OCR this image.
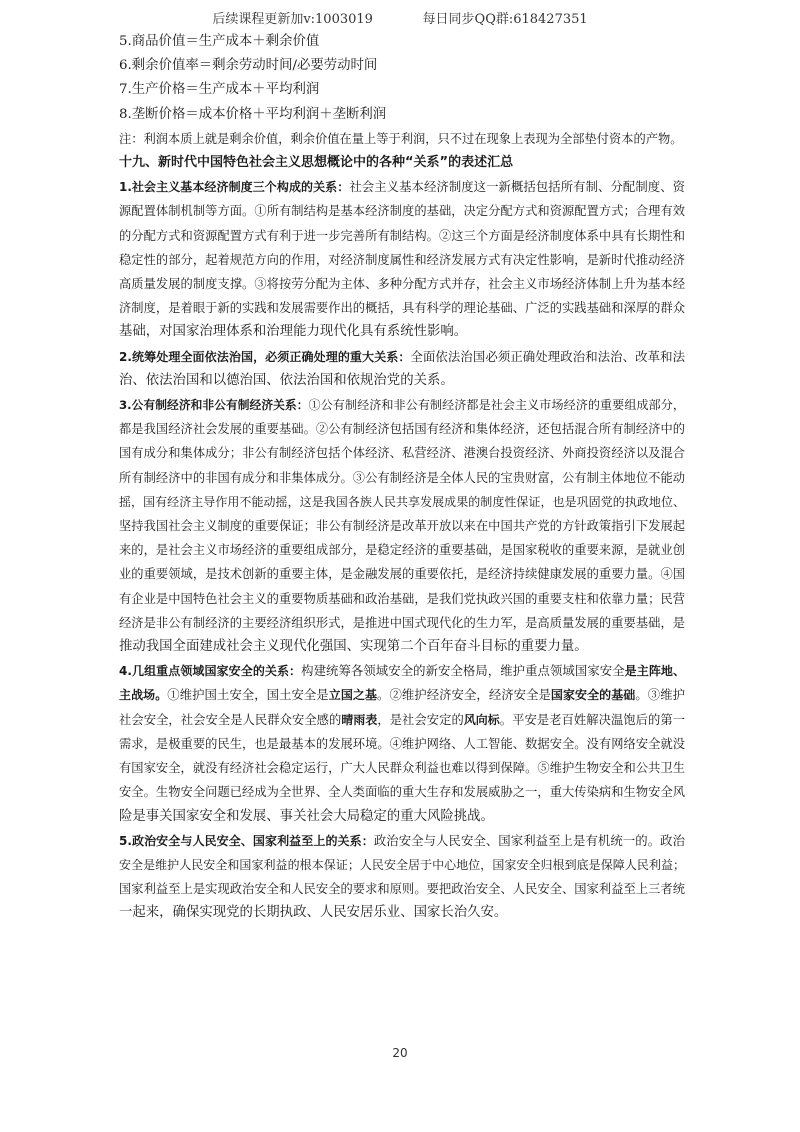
后续课程更新加v:1003019	每日同步QQ群:618427351
5.商品价值＝生产成本＋剩余价值
6.剩余价值率＝剩余劳动时间/必要劳动时间
7.生产价格＝生产成本＋平均利润
8.垄断价格＝成本价格＋平均利润＋垄断利润
注：利润本质上就是剩余价值，剩余价值在量上等于利润，只不过在现象上表现为全部垫付资本的产物。
十九、新时代中国特色社会主义思想概论中的各种“关系”的表述汇总
1.社会主义基本经济制度三个构成的关系：社会主义基本经济制度这一新概括包括所有制、分配制度、资
源配置体制机制等方面。①所有制结构是基本经济制度的基础，决定分配方式和资源配置方式；合理有效
的分配方式和资源配置方式有利于进一步完善所有制结构。②这三个方面是经济制度体系中具有长期性和
稳定性的部分，起着规范方向的作用，对经济制度属性和经济发展方式有决定性影响，是新时代推动经济
高质量发展的制度支撑。③将按劳分配为主体、多种分配方式并存，社会主义市场经济体制上升为基本经
济制度，是着眼于新的实践和发展需要作出的概括，具有科学的理论基础、广泛的实践基础和深厚的群众
基础，对国家治理体系和治理能力现代化具有系统性影响。
2.统筹处理全面依法治国，必须正确处理的重大关系：全面依法治国必须正确处理政治和法治、改革和法
治、依法治国和以德治国、依法治国和依规治党的关系。
3.公有制经济和非公有制经济关系：①公有制经济和非公有制经济都是社会主义市场经济的重要组成部分，
都是我国经济社会发展的重要基础。②公有制经济包括国有经济和集体经济，还包括混合所有制经济中的
国有成分和集体成分；非公有制经济包括个体经济、私营经济、港澳台投资经济、外商投资经济以及混合
所有制经济中的非国有成分和非集体成分。③公有制经济是全体人民的宝贵财富，公有制主体地位不能动
摇，国有经济主导作用不能动摇，这是我国各族人民共享发展成果的制度性保证，也是巩固党的执政地位、
坚持我国社会主义制度的重要保证；非公有制经济是改革开放以来在中国共产党的方针政策指引下发展起
来的，是社会主义市场经济的重要组成部分，是稳定经济的重要基础，是国家税收的重要来源，是就业创
业的重要领域，是技术创新的重要主体，是金融发展的重要依托，是经济持续健康发展的重要力量。④国
有企业是中国特色社会主义的重要物质基础和政治基础，是我们党执政兴国的重要支柱和依靠力量；民营
经济是非公有制经济的主要经济组织形式，是推进中国式现代化的生力军，是高质量发展的重要基础，是
推动我国全面建成社会主义现代化强国、实现第二个百年奋斗目标的重要力量。
4.几组重点领域国家安全的关系：构建统筹各领域安全的新安全格局，维护重点领域国家安全是主阵地、
主战场。①维护国土安全，国土安全是立国之基。②维护经济安全，经济安全是国家安全的基础。③维护
社会安全，社会安全是人民群众安全感的晴雨表，是社会安定的风向标。平安是老百姓解决温饱后的第一
需求，是极重要的民生，也是最基本的发展环境。④维护网络、人工智能、数据安全。没有网络安全就没
有国家安全，就没有经济社会稳定运行，广大人民群众利益也难以得到保障。⑤维护生物安全和公共卫生
安全。生物安全问题已经成为全世界、全人类面临的重大生存和发展威胁之一，重大传染病和生物安全风
险是事关国家安全和发展、事关社会大局稳定的重大风险挑战。
5.政治安全与人民安全、国家利益至上的关系：政治安全与人民安全、国家利益至上是有机统一的。政治
安全是维护人民安全和国家利益的根本保证；人民安全居于中心地位，国家安全归根到底是保障人民利益；
国家利益至上是实现政治安全和人民安全的要求和原则。要把政治安全、人民安全、国家利益至上三者统
一起来，确保实现党的长期执政、人民安居乐业、国家长治久安。
20
